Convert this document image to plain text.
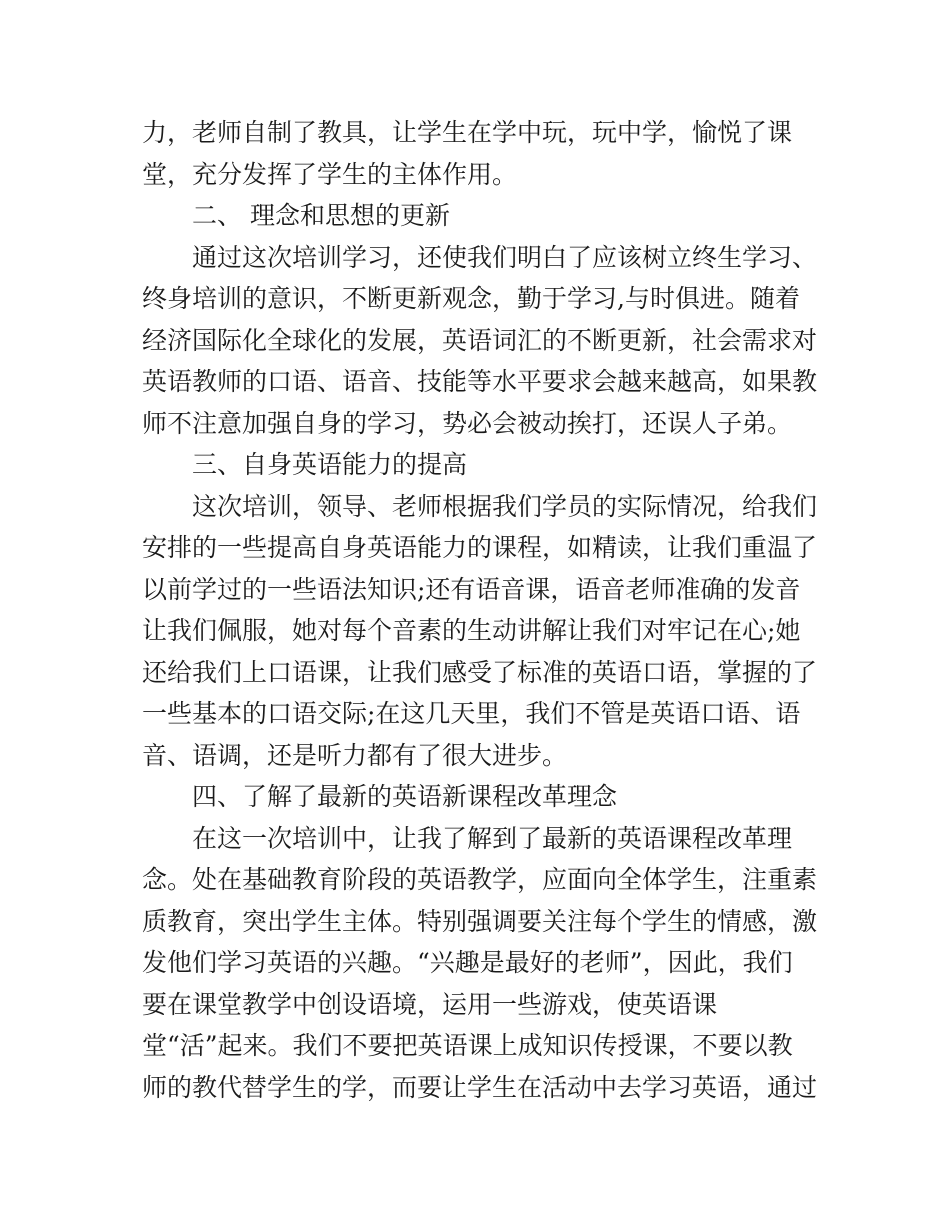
力，老师自制了教具，让学生在学中玩，玩中学，愉悦了课
堂，充分发挥了学生的主体作用。
二、 理念和思想的更新
通过这次培训学习，还使我们明白了应该树立终生学习、
终身培训的意识，不断更新观念，勤于学习,与时俱进。随着
经济国际化全球化的发展，英语词汇的不断更新，社会需求对
英语教师的口语、语音、技能等水平要求会越来越高，如果教
师不注意加强自身的学习，势必会被动挨打，还误人子弟。
三、自身英语能力的提高
这次培训，领导、老师根据我们学员的实际情况，给我们
安排的一些提高自身英语能力的课程，如精读，让我们重温了
以前学过的一些语法知识;还有语音课，语音老师准确的发音
让我们佩服，她对每个音素的生动讲解让我们对牢记在心;她
还给我们上口语课，让我们感受了标准的英语口语，掌握的了
一些基本的口语交际;在这几天里，我们不管是英语口语、语
音、语调，还是听力都有了很大进步。
四、了解了最新的英语新课程改革理念
在这一次培训中，让我了解到了最新的英语课程改革理
念。处在基础教育阶段的英语教学，应面向全体学生，注重素
质教育，突出学生主体。特别强调要关注每个学生的情感，激
发他们学习英语的兴趣。“兴趣是最好的老师”，因此，我们
要在课堂教学中创设语境，运用一些游戏，使英语课
堂“活”起来。我们不要把英语课上成知识传授课，不要以教
师的教代替学生的学，而要让学生在活动中去学习英语，通过
